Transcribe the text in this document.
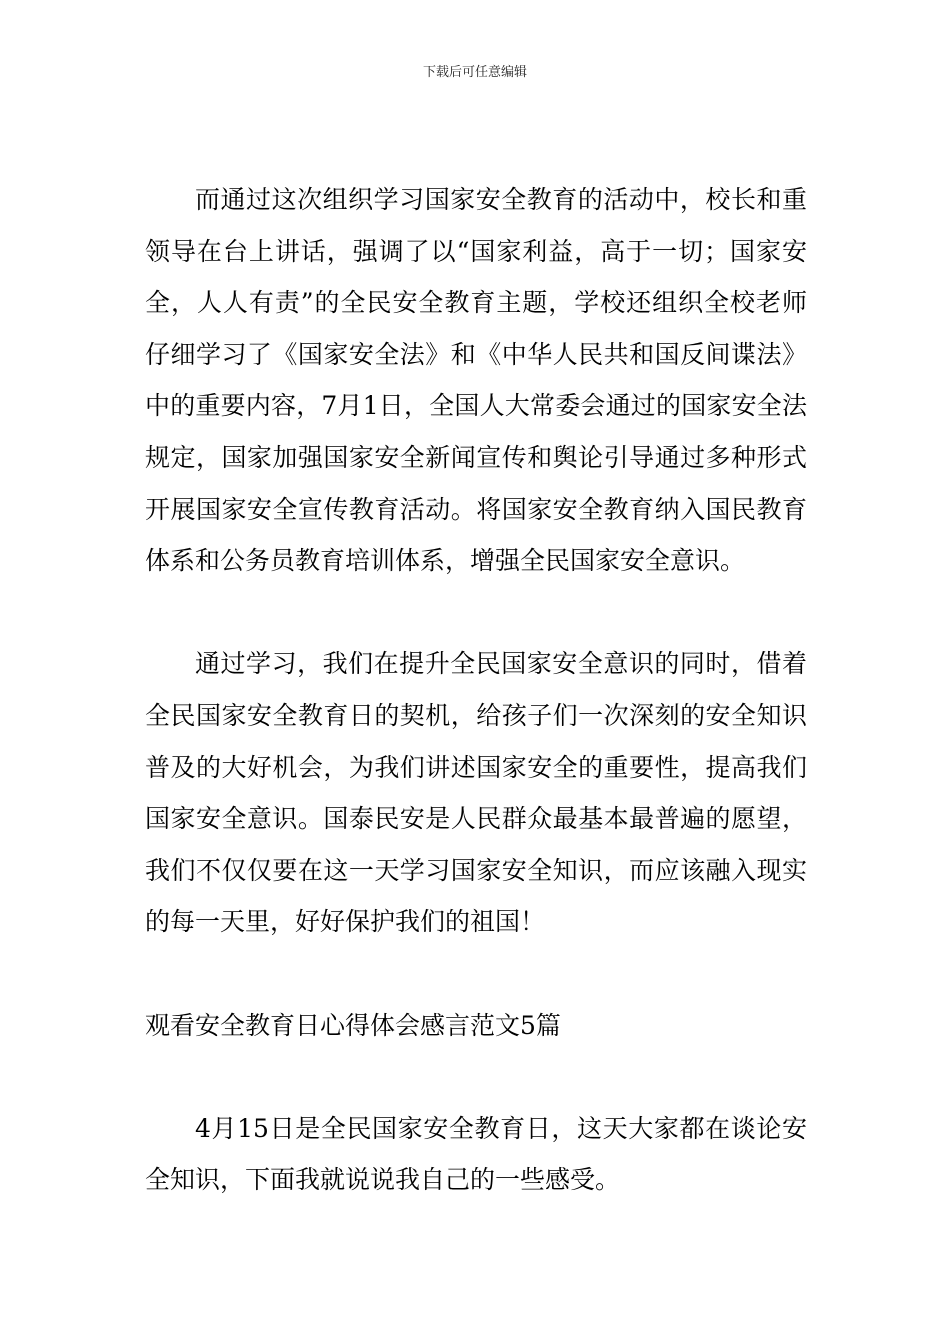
下载后可任意编辑

而通过这次组织学习国家安全教育的活动中，校长和重领导在台上讲话，强调了以“国家利益，高于一切；国家安全，人人有责”的全民安全教育主题，学校还组织全校老师仔细学习了《国家安全法》和《中华人民共和国反间谍法》中的重要内容，7月1日，全国人大常委会通过的国家安全法规定，国家加强国家安全新闻宣传和舆论引导通过多种形式开展国家安全宣传教育活动。将国家安全教育纳入国民教育体系和公务员教育培训体系，增强全民国家安全意识。

通过学习，我们在提升全民国家安全意识的同时，借着全民国家安全教育日的契机，给孩子们一次深刻的安全知识普及的大好机会，为我们讲述国家安全的重要性，提高我们国家安全意识。国泰民安是人民群众最基本最普遍的愿望，我们不仅仅要在这一天学习国家安全知识，而应该融入现实的每一天里，好好保护我们的祖国！

观看安全教育日心得体会感言范文5篇

4月15日是全民国家安全教育日，这天大家都在谈论安全知识，下面我就说说我自己的一些感受。
